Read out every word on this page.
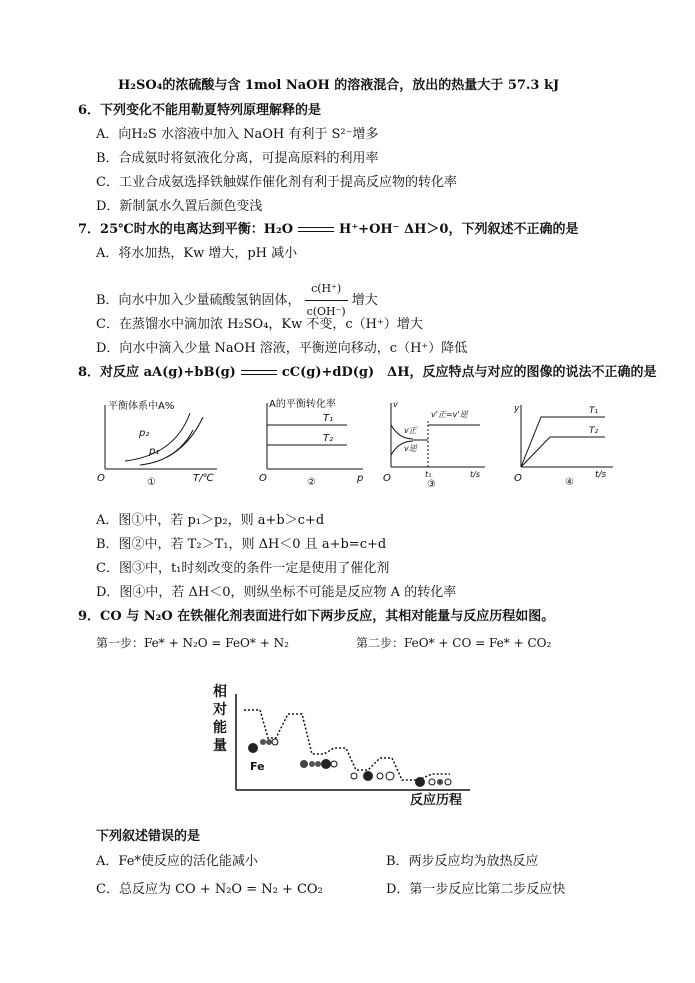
H₂SO₄的浓硫酸与含 1mol NaOH 的溶液混合，放出的热量大于 57.3 kJ
6．下列变化不能用勒夏特列原理解释的是
A．向H₂S 水溶液中加入 NaOH 有利于 S²⁻增多
B．合成氨时将氨液化分离，可提高原料的利用率
C．工业合成氨选择铁触媒作催化剂有利于提高反应物的转化率
D．新制氯水久置后颜色变浅
7．25℃时水的电离达到平衡：H₂O	H⁺+OH⁻ ΔH＞0，下列叙述不正确的是
A．将水加热，Kw 增大，pH 减小
B．向水中加入少量硫酸氢钠固体， $\frac{c(H^+)}{c(OH^-)}$ 增大
C．在蒸馏水中滴加浓 H₂SO₄，Kw 不变，c（H⁺）增大
D．向水中滴入少量 NaOH 溶液，平衡逆向移动，c（H⁺）降低
8．对反应 aA(g)+bB(g)	cC(g)+dD(g)　ΔH，反应特点与对应的图像的说法不正确的是
平衡体系中A%
p₂
p₁
O	T/℃
①
A的平衡转化率
T₁
T₂
O	p
②
v
v'正=v'逆
v正
v逆
O	t₁	t/s
③
y	T₁
T₂
O	t/s
④
A．图①中，若 p₁＞p₂，则 a+b＞c+d
B．图②中，若 T₂＞T₁，则 ΔH＜0 且 a+b=c+d
C．图③中，t₁时刻改变的条件一定是使用了催化剂
D．图④中，若 ΔH＜0，则纵坐标不可能是反应物 A 的转化率
9．CO 与 N₂O 在铁催化剂表面进行如下两步反应，其相对能量与反应历程如图。
第一步：Fe* + N₂O = FeO* + N₂	第二步：FeO* + CO = Fe* + CO₂
相
对
能
量
Fe
反应历程
下列叙述错误的是
A．Fe*使反应的活化能减小	B．两步反应均为放热反应
C．总反应为 CO + N₂O = N₂ + CO₂	D．第一步反应比第二步反应快
